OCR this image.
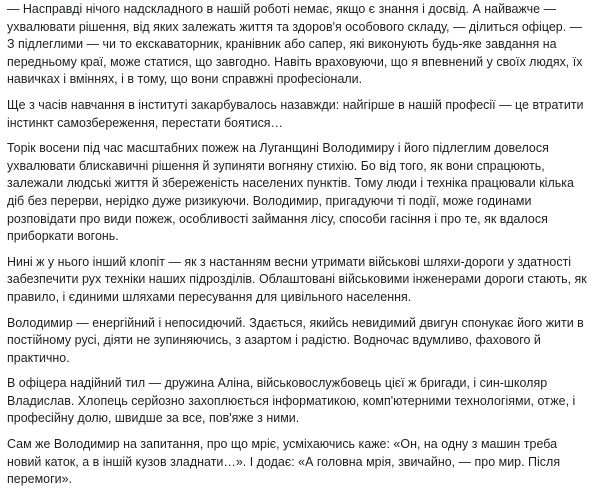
— Насправді нічого надскладного в нашій роботі немає, якщо є знання і досвід. А найважче — ухвалювати рішення, від яких залежать життя та здоров'я особового складу, — ділиться офіцер. — З підлеглими — чи то екскаваторник, кранівник або сапер, які виконують будь-яке завдання на передньому краї, може статися, що завгодно. Навіть враховуючи, що я впевнений у своїх людях, їх навичках і вміннях, і в тому, що вони справжні професіонали.

Ще з часів навчання в інституті закарбувалось назавжди: найгірше в нашій професії — це втратити інстинкт самозбереження, перестати боятися…

Торік восени під час масштабних пожеж на Луганщині Володимиру і його підлеглим довелося ухвалювати блискавичні рішення й зупиняти вогняну стихію. Бо від того, як вони спрацюють, залежали людські життя й збереженість населених пунктів. Тому люди і техніка працювали кілька діб без перерви, нерідко дуже ризикуючи. Володимир, пригадуючи ті події, може годинами розповідати про види пожеж, особливості займання лісу, способи гасіння і про те, як вдалося приборкати вогонь.

Нині ж у нього інший клопіт — як з настанням весни утримати військові шляхи-дороги у здатності забезпечити рух техніки наших підрозділів. Облаштовані військовими інженерами дороги стають, як правило, і єдиними шляхами пересування для цивільного населення.

Володимир — енергійний і непосидючий. Здається, якийсь невидимий двигун спонукає його жити в постійному русі, діяти не зупиняючись, з азартом і радістю. Водночас вдумливо, фахового й практично.

В офіцера надійний тил — дружина Аліна, військовослужбовець цієї ж бригади, і син-школяр Владислав. Хлопець серйозно захоплюється інформатикою, комп'ютерними технологіями, отже, і професійну долю, швидше за все, пов'яже з ними.

Сам же Володимир на запитання, про що мріє, усміхаючись каже: «Он, на одну з машин треба новий каток, а в іншій кузов зладнати…». І додає: «А головна мрія, звичайно, — про мир. Після перемоги».
